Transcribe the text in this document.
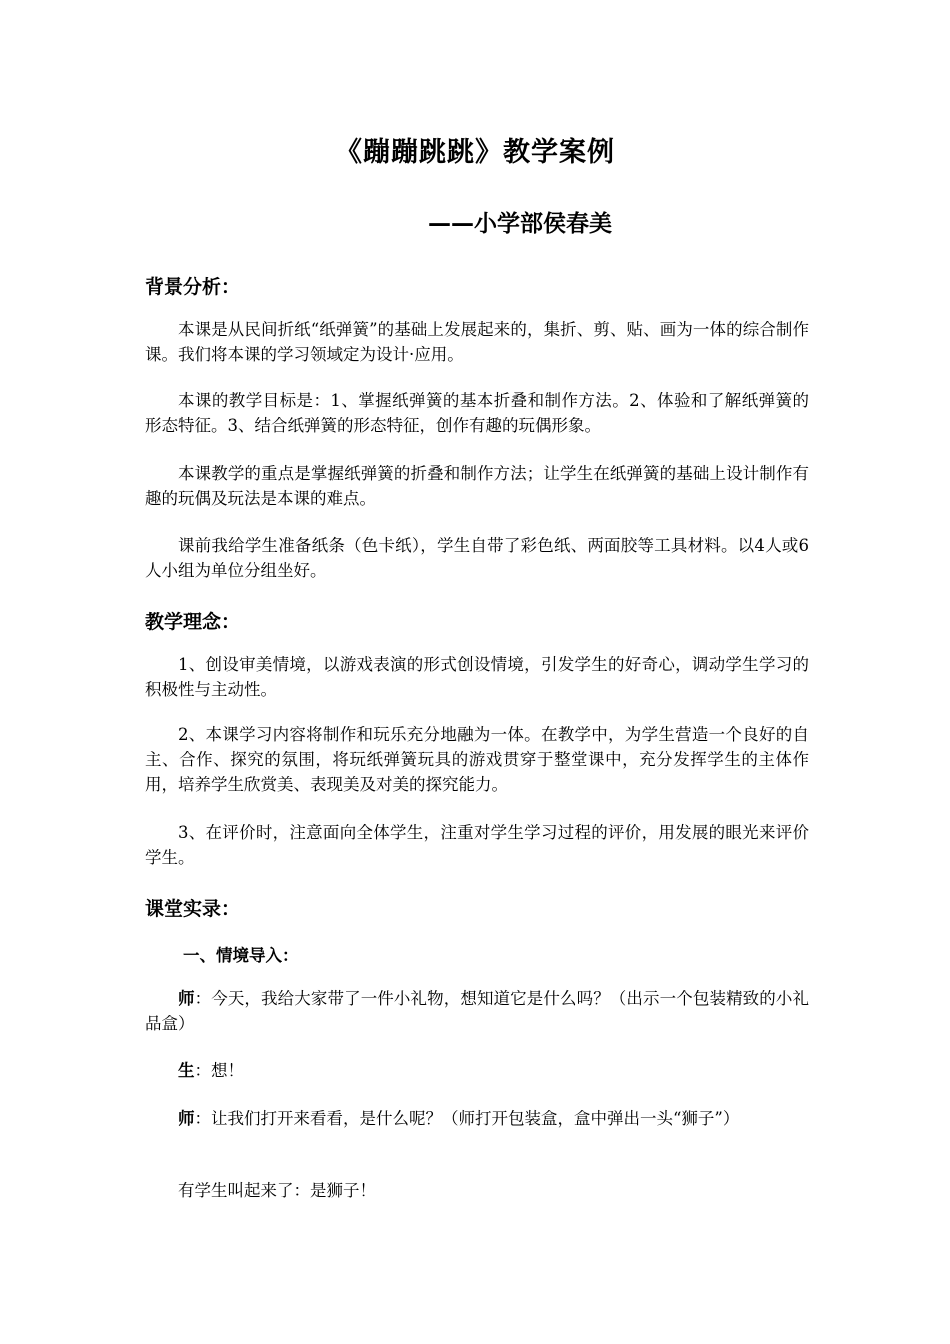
《蹦蹦跳跳》教学案例
——小学部侯春美
背景分析：
本课是从民间折纸“纸弹簧”的基础上发展起来的，集折、剪、贴、画为一体的综合制作课。我们将本课的学习领域定为设计·应用。
本课的教学目标是：1、掌握纸弹簧的基本折叠和制作方法。2、体验和了解纸弹簧的形态特征。3、结合纸弹簧的形态特征，创作有趣的玩偶形象。
本课教学的重点是掌握纸弹簧的折叠和制作方法；让学生在纸弹簧的基础上设计制作有趣的玩偶及玩法是本课的难点。
课前我给学生准备纸条（色卡纸），学生自带了彩色纸、两面胶等工具材料。以4人或6人小组为单位分组坐好。
教学理念：
1、创设审美情境，以游戏表演的形式创设情境，引发学生的好奇心，调动学生学习的积极性与主动性。
2、本课学习内容将制作和玩乐充分地融为一体。在教学中，为学生营造一个良好的自主、合作、探究的氛围，将玩纸弹簧玩具的游戏贯穿于整堂课中，充分发挥学生的主体作用，培养学生欣赏美、表现美及对美的探究能力。
3、在评价时，注意面向全体学生，注重对学生学习过程的评价，用发展的眼光来评价学生。
课堂实录：
一、情境导入：
师：今天，我给大家带了一件小礼物，想知道它是什么吗？（出示一个包装精致的小礼品盒）
生：想！
师：让我们打开来看看，是什么呢？（师打开包装盒，盒中弹出一头“狮子”）
有学生叫起来了：是狮子！
